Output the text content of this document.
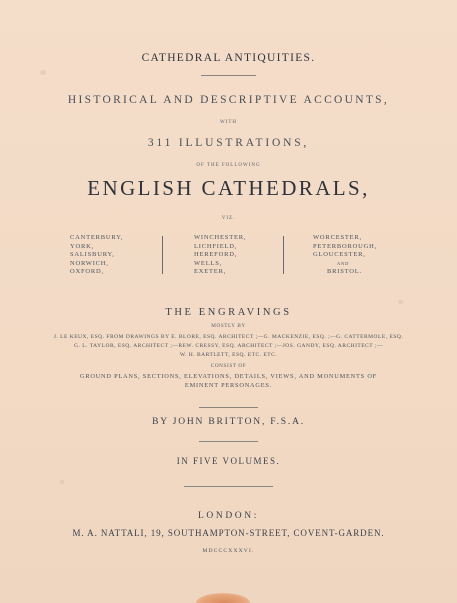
CATHEDRAL ANTIQUITIES.
HISTORICAL AND DESCRIPTIVE ACCOUNTS,
WITH
311 ILLUSTRATIONS,
OF THE FOLLOWING
ENGLISH CATHEDRALS,
VIZ.
CANTERBURY,
YORK,
SALISBURY,
NORWICH,
OXFORD,
WINCHESTER,
LICHFIELD,
HEREFORD,
WELLS,
EXETER,
WORCESTER,
PETERBOROUGH,
GLOUCESTER,
AND
BRISTOL.
THE ENGRAVINGS
MOSTLY BY
J. LE KEUX, ESQ. FROM DRAWINGS BY E. BLORE, ESQ. ARCHITECT ;—G. MACKENZIE, ESQ. ;—G. CATTERMOLE, ESQ.
G. L. TAYLOR, ESQ. ARCHITECT ;—REW. CRESSY, ESQ. ARCHITECT ;—JOS. GANDY, ESQ. ARCHITECT ;—
W. H. BARTLETT, ESQ. ETC. ETC.
CONSIST OF
GROUND PLANS, SECTIONS, ELEVATIONS, DETAILS, VIEWS, AND MONUMENTS OF
EMINENT PERSONAGES.
BY JOHN BRITTON, F.S.A.
IN FIVE VOLUMES.
LONDON:
M. A. NATTALI, 19, SOUTHAMPTON-STREET, COVENT-GARDEN.
MDCCCXXXVI.
